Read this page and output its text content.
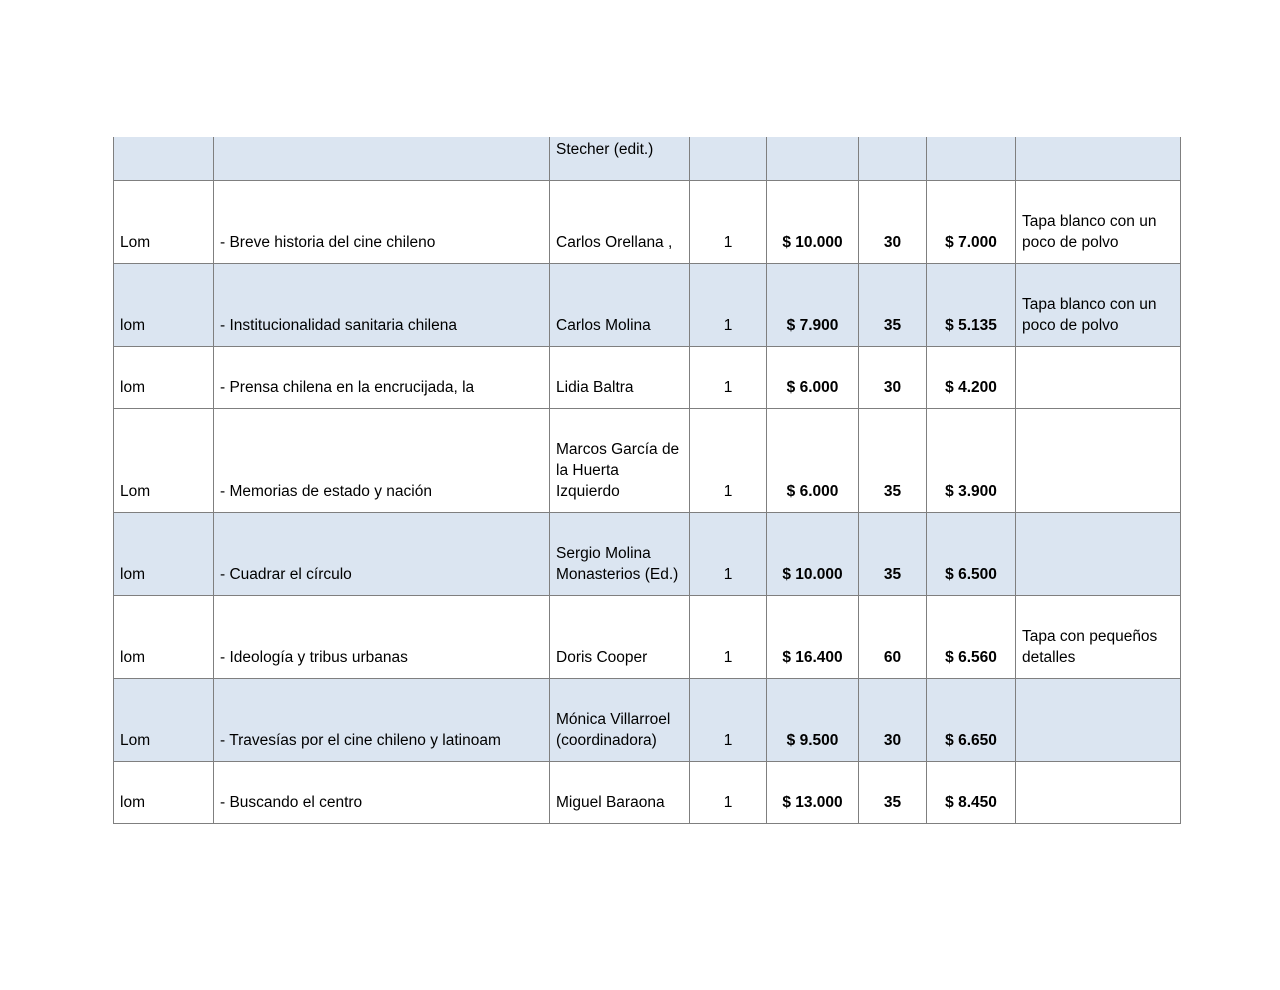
		Stecher (edit.)					
Lom	- Breve historia del cine chileno	Carlos Orellana ,	1	$ 10.000	30	$ 7.000	Tapa blanco con un poco de polvo
lom	- Institucionalidad sanitaria chilena	Carlos Molina	1	$ 7.900	35	$ 5.135	Tapa blanco con un poco de polvo
lom	- Prensa chilena en la encrucijada, la	Lidia Baltra	1	$ 6.000	30	$ 4.200	
Lom	- Memorias de estado y nación	Marcos García de la Huerta Izquierdo	1	$ 6.000	35	$ 3.900	
lom	- Cuadrar el círculo	Sergio Molina Monasterios (Ed.)	1	$ 10.000	35	$ 6.500	
lom	- Ideología y tribus urbanas	Doris Cooper	1	$ 16.400	60	$ 6.560	Tapa con pequeños detalles
Lom	- Travesías por el cine chileno y latinoam	Mónica Villarroel (coordinadora)	1	$ 9.500	30	$ 6.650	
lom	- Buscando el centro	Miguel Baraona	1	$ 13.000	35	$ 8.450	
